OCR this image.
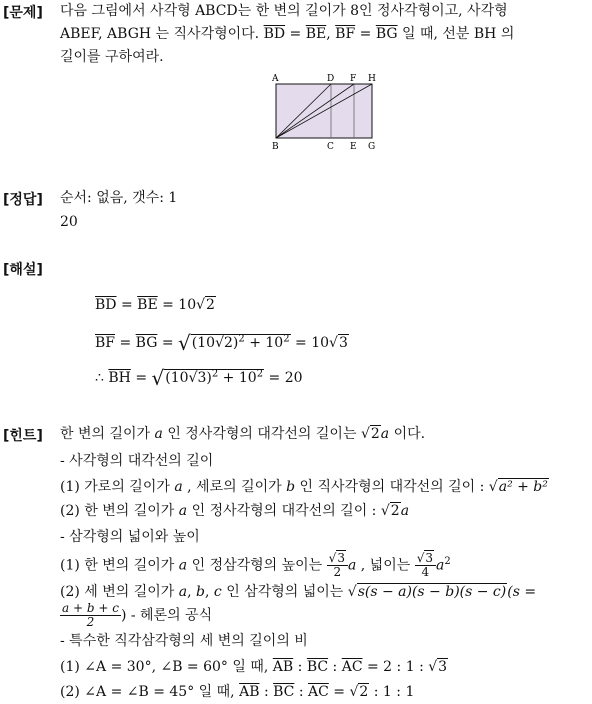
[문제] 다음 그림에서 사각형 ABCD는 한 변의 길이가 8인 정사각형이고, 사각형
ABEF, ABGH 는 직사각형이다. $\overline{BD} = \overline{BE}$, $\overline{BF} = \overline{BG}$ 일 때, 선분 BH 의
길이를 구하여라.
A	D F H
B	C E G
[정답] 순서: 없음, 갯수: 1
20
[해설]
$\overline{BD} = \overline{BE} = 10√2$
$\overline{BF} = \overline{BG} = √(10√2)^2 + 10^2 = 10√3$
∴ $\overline{BH} = √(10√3)^2 + 10^2 = 20$
[힌트] 한 변의 길이가 a 인 정사각형의 대각선의 길이는 √2a 이다.
- 사각형의 대각선의 길이
(1) 가로의 길이가 a , 세로의 길이가 b 인 직사각형의 대각선의 길이 : √a² + b²
(2) 한 변의 길이가 a 인 정사각형의 대각선의 길이 : √2a
- 삼각형의 넓이와 높이
(1) 한 변의 길이가 a 인 정삼각형의 높이는 $\frac{√3}{2}$ a , 넓이는 $\frac{√3}{4} a^2$
(2) 세 변의 길이가 a, b, c 인 삼각형의 넓이는 √s(s − a)(s − b)(s − c)(s =
$\frac{a + b + c}{2}$ ) - 헤론의 공식
- 특수한 직각삼각형의 세 변의 길이의 비
(1) ∠A = 30°, ∠B = 60° 일 때, $\overline{AB}$ : $\overline{BC}$ : $\overline{AC} = 2$ : 1 : √3
(2) ∠A = ∠B = 45° 일 때, $\overline{AB}$ : $\overline{BC}$ : $\overline{AC} = √2$ : 1 : 1
